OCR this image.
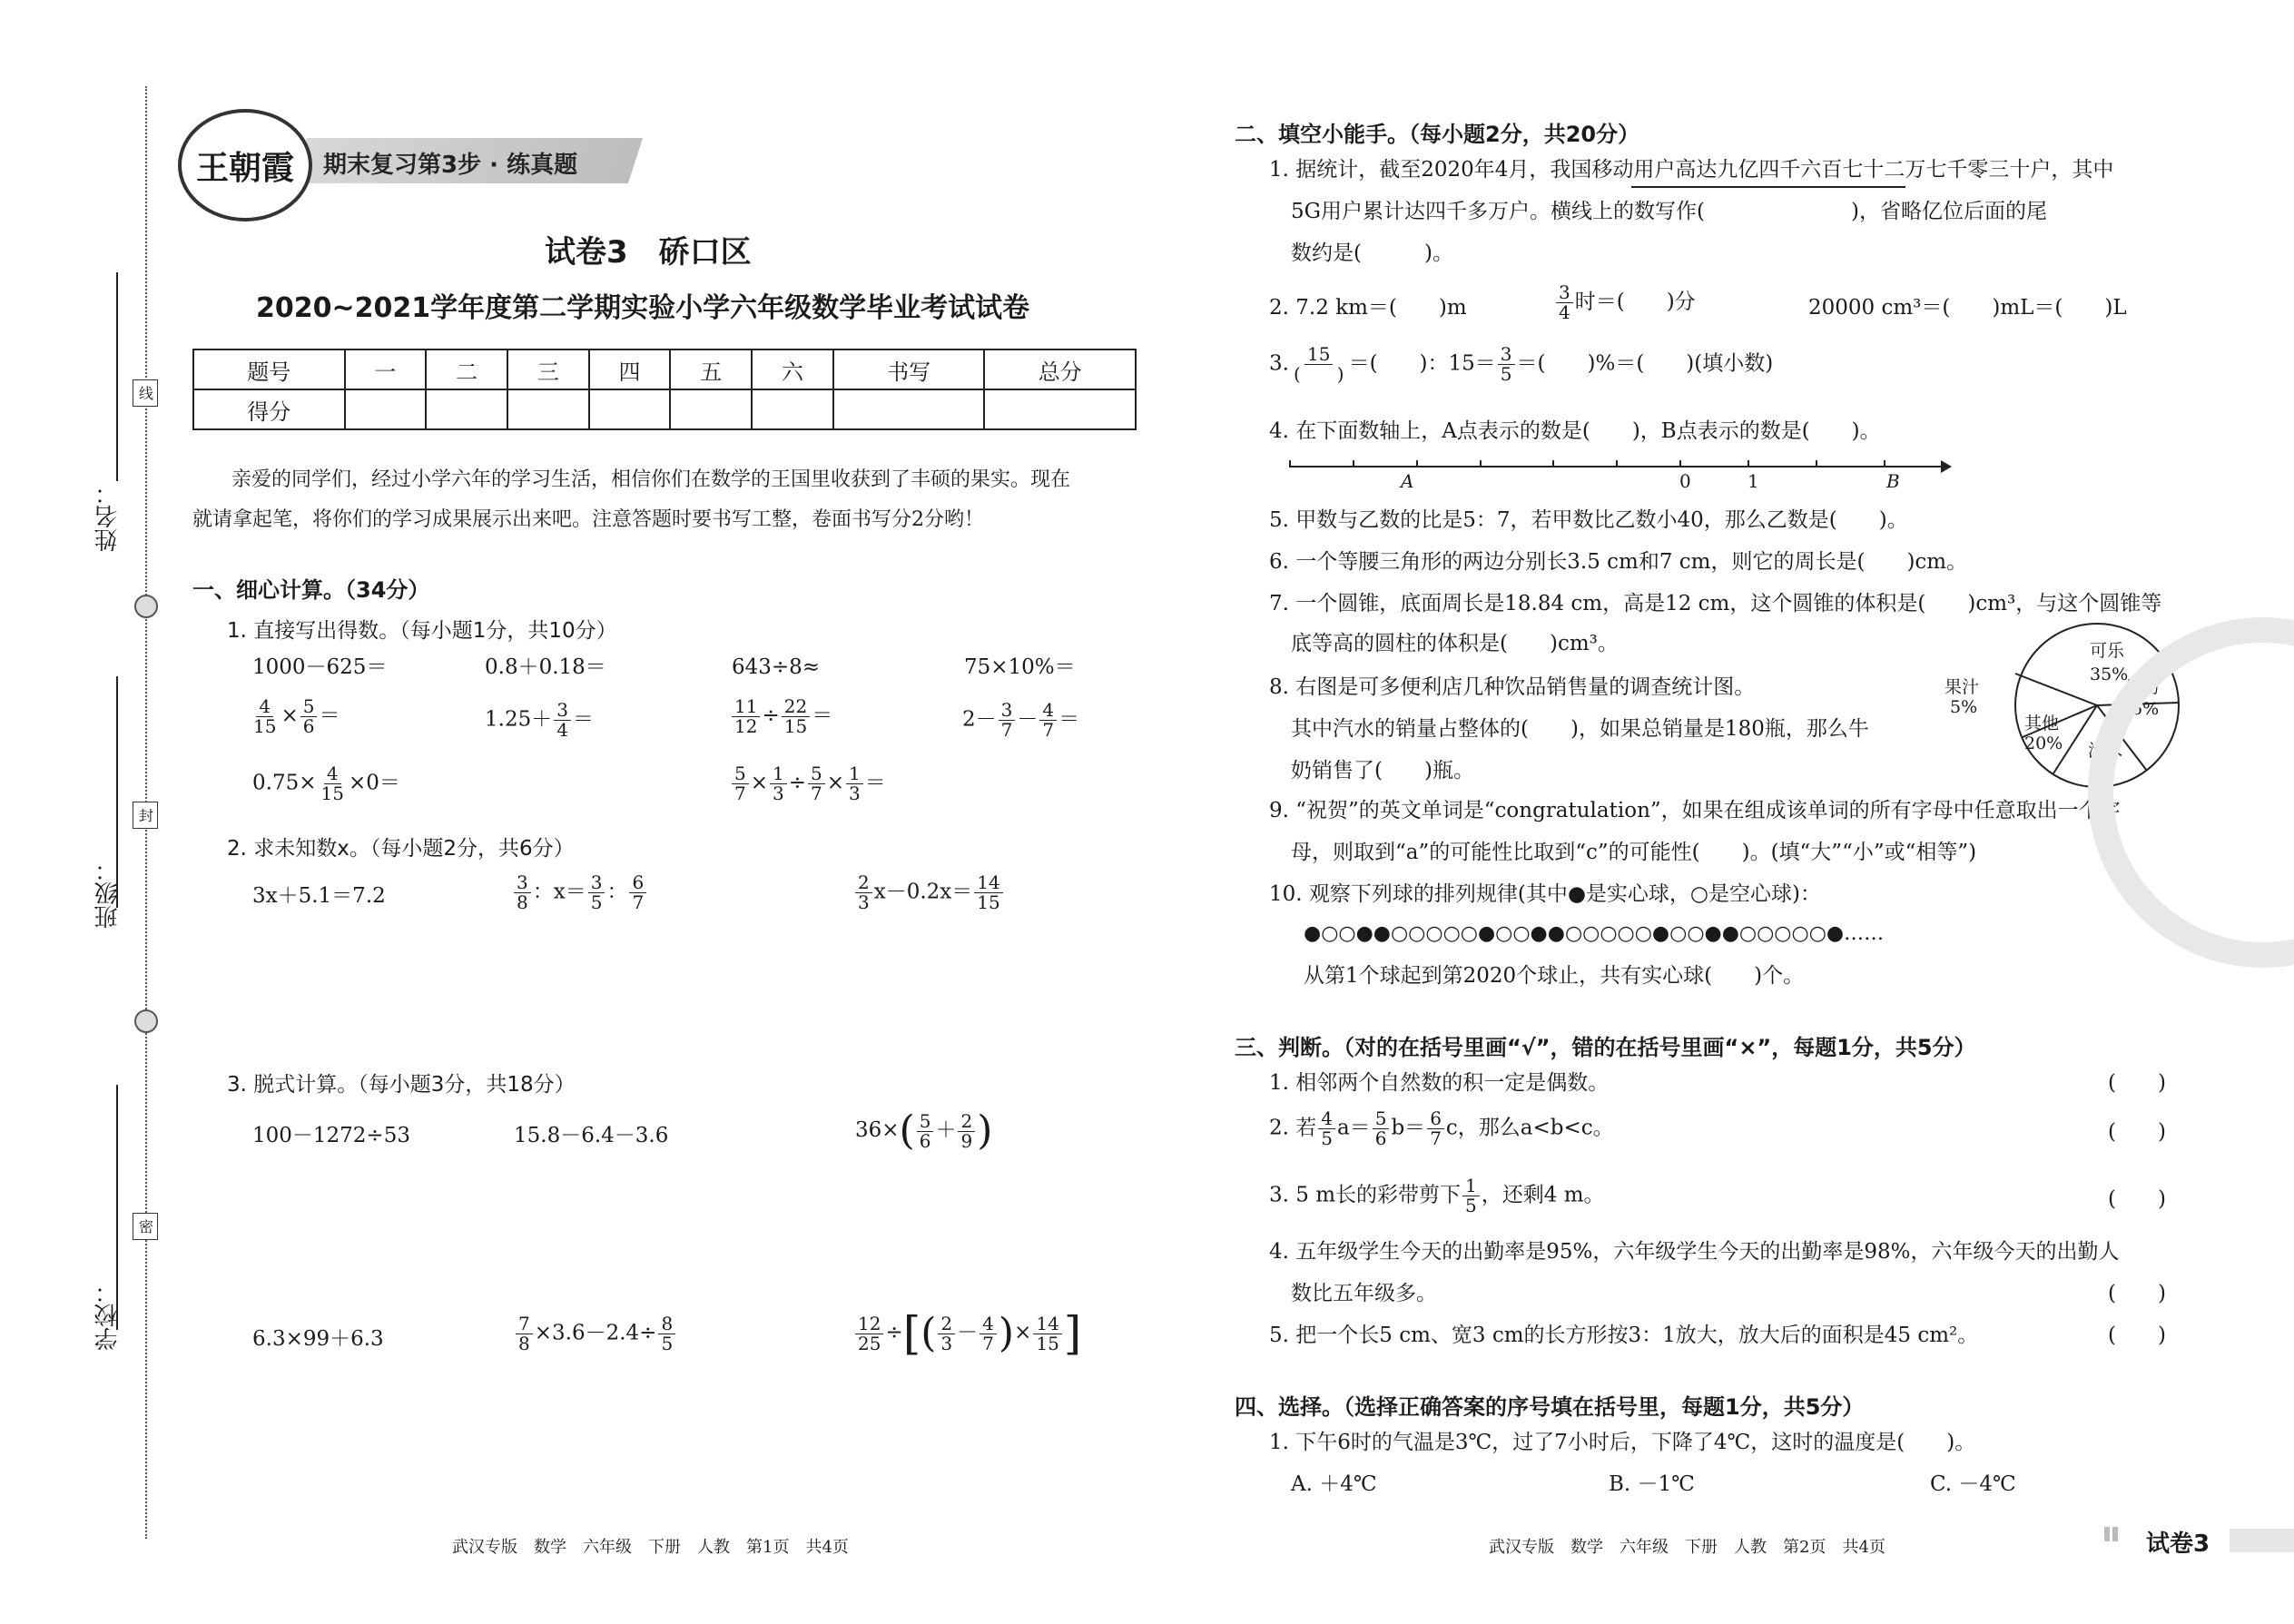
线
封
密
姓名：
班级：
学校：
期末复习第3步 · 练真题
王朝霞
试卷3　硚口区
2020~2021学年度第二学期实验小学六年级数学毕业考试试卷
题号	一	二	三	四	五	六	书写	总分
得分								
亲爱的同学们，经过小学六年的学习生活，相信你们在数学的王国里收获到了丰硕的果实。现在
就请拿起笔，将你们的学习成果展示出来吧。注意答题时要书写工整，卷面书写分2分哟！
一、细心计算。（34分）
1. 直接写出得数。（每小题1分，共10分）
1000－625＝	0.8＋0.18＝	643÷8≈	75×10%＝
$\frac{4}{15} \times \frac{5}{6}$ ＝	$1.25+ \frac{3}{4}$ ＝	$\frac{11}{12} \div \frac{22}{15}$ ＝	$2- \frac{3}{7} - \frac{4}{7}$ ＝
$0.75\times \frac{4}{15} \times 0=$	$\frac{5}{7} \times \frac{1}{3} \div \frac{5}{7} \times \frac{1}{3}$ ＝
2. 求未知数x。（每小题2分，共6分）
3x＋5.1＝7.2	$\frac{3}{8}$ ：$x= \frac{3}{5}$ ： $\frac{6}{7}$	$\frac{2}{3} x-0.2x= \frac{14}{15}$
3. 脱式计算。（每小题3分，共18分）
100－1272÷53	15.8－6.4－3.6	$36\times( \frac{5}{6} + \frac{2}{9}$ )
6.3×99＋6.3	$\frac{7}{8} \times 3.6-2.4\div \frac{8}{5}$	$\frac{12}{25}$ ÷[( $\frac{2}{3} - \frac{4}{7}$ )× $\frac{14}{15}$ ]
武汉专版　数学　六年级　下册　人教　第1页　共4页
二、填空小能手。（每小题2分，共20分）
1. 据统计，截至2020年4月，我国移动用户高达九亿四千六百七十二万七千零三十户，其中
5G用户累计达四千多万户。横线上的数写作(　　　　　　　)，省略亿位后面的尾
数约是(　　　)。
2. 7.2 km＝(　　)m	$\frac{3}{4}$ 时＝(　　)分	20000 cm³＝(　　)mL＝(　　)L
3. 15
(　　) ＝(　　)：$15= \frac{3}{5}$ ＝(　　)%＝(　　)(填小数)
4. 在下面数轴上，A点表示的数是(　　)，B点表示的数是(　　)。
A	0	1	B
5. 甲数与乙数的比是5：7，若甲数比乙数小40，那么乙数是(　　)。
6. 一个等腰三角形的两边分别长3.5 cm和7 cm，则它的周长是(　　)cm。
7. 一个圆锥，底面周长是18.84 cm，高是12 cm，这个圆锥的体积是(　　)cm³，与这个圆锥等
底等高的圆柱的体积是(　　)cm³。
8. 右图是可多便利店几种饮品销售量的调查统计图。
其中汽水的销量占整体的(　　)，如果总销量是180瓶，那么牛
奶销售了(　　)瓶。
可乐
35%
牛奶
15%
汽水
其他
20%
果汁
5%
9. “祝贺”的英文单词是“congratulation”，如果在组成该单词的所有字母中任意取出一个字
母，则取到“a”的可能性比取到“c”的可能性(　　)。(填“大”“小”或“相等”)
10. 观察下列球的排列规律(其中●是实心球，○是空心球)：
●○○●●○○○○○●○○●●○○○○○●○○●●○○○○○●……
从第1个球起到第2020个球止，共有实心球(　　)个。
三、判断。（对的在括号里画“√”，错的在括号里画“×”，每题1分，共5分）
1. 相邻两个自然数的积一定是偶数。	(　　)
2. 若 $\frac{4}{5} a= \frac{5}{6} b= \frac{6}{7}$ c，那么a<b<c。	(　　)
3. 5 m长的彩带剪下 $\frac{1}{5}$ ，还剩4 m。	(　　)
4. 五年级学生今天的出勤率是95%，六年级学生今天的出勤率是98%，六年级今天的出勤人
数比五年级多。	(　　)
5. 把一个长5 cm、宽3 cm的长方形按3：1放大，放大后的面积是45 cm²。	(　　)
四、选择。（选择正确答案的序号填在括号里，每题1分，共5分）
1. 下午6时的气温是3℃，过了7小时后，下降了4℃，这时的温度是(　　)。
A. ＋4℃	B. －1℃	C. －4℃
武汉专版　数学　六年级　下册　人教　第2页　共4页	试卷3
